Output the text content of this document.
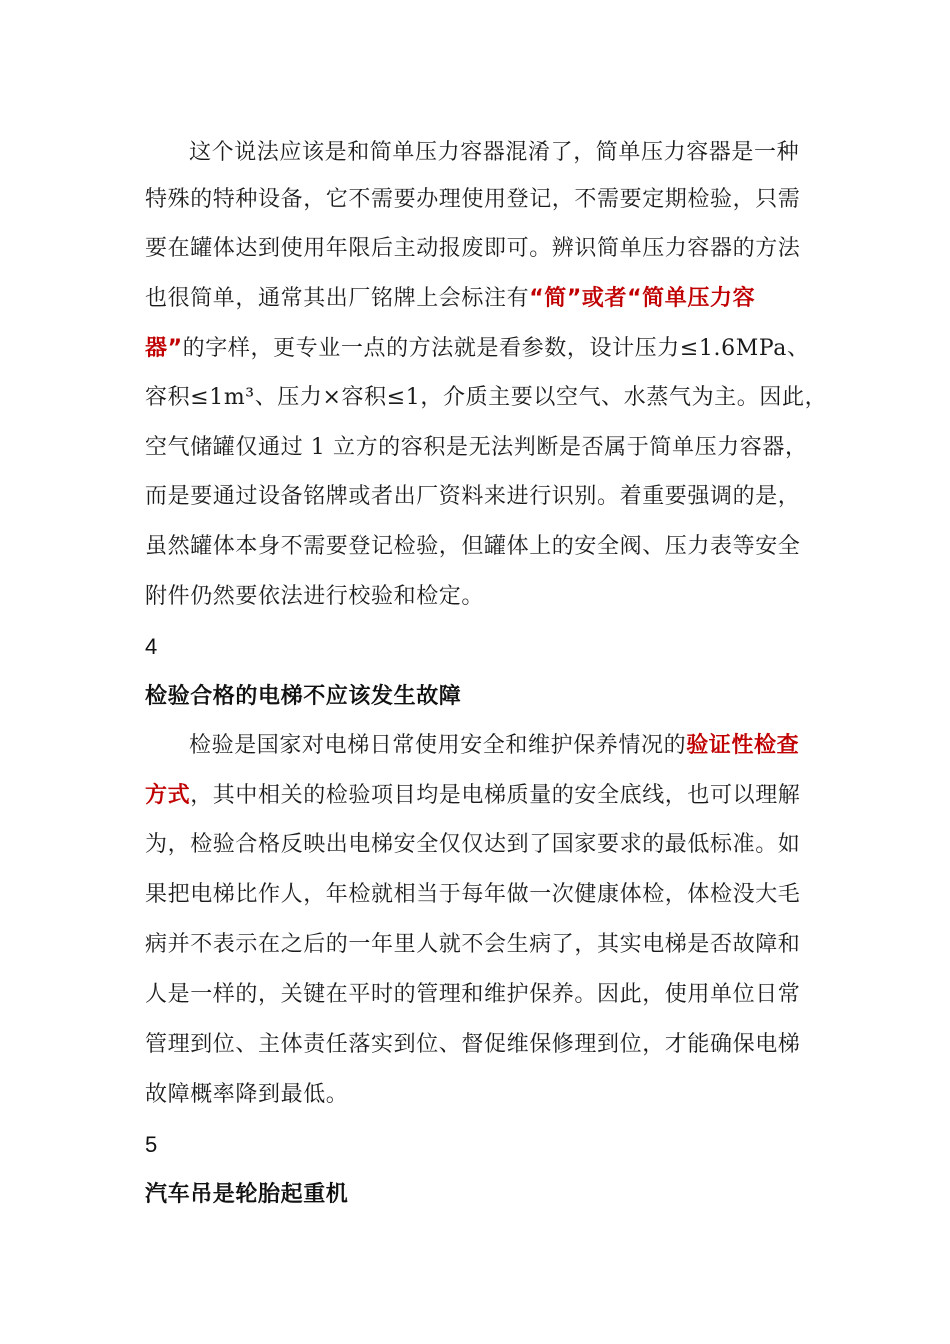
这个说法应该是和简单压力容器混淆了，简单压力容器是一种
特殊的特种设备，它不需要办理使用登记，不需要定期检验，只需
要在罐体达到使用年限后主动报废即可。辨识简单压力容器的方法
也很简单，通常其出厂铭牌上会标注有“简”或者“简单压力容
器”的字样，更专业一点的方法就是看参数，设计压力≤1.6MPa、
容积≤1m³、压力×容积≤1，介质主要以空气、水蒸气为主。因此，
空气储罐仅通过 1 立方的容积是无法判断是否属于简单压力容器，
而是要通过设备铭牌或者出厂资料来进行识别。着重要强调的是，
虽然罐体本身不需要登记检验，但罐体上的安全阀、压力表等安全
附件仍然要依法进行校验和检定。
4
检验合格的电梯不应该发生故障
检验是国家对电梯日常使用安全和维护保养情况的验证性检查
方式，其中相关的检验项目均是电梯质量的安全底线，也可以理解
为，检验合格反映出电梯安全仅仅达到了国家要求的最低标准。如
果把电梯比作人，年检就相当于每年做一次健康体检，体检没大毛
病并不表示在之后的一年里人就不会生病了，其实电梯是否故障和
人是一样的，关键在平时的管理和维护保养。因此，使用单位日常
管理到位、主体责任落实到位、督促维保修理到位，才能确保电梯
故障概率降到最低。
5
汽车吊是轮胎起重机
